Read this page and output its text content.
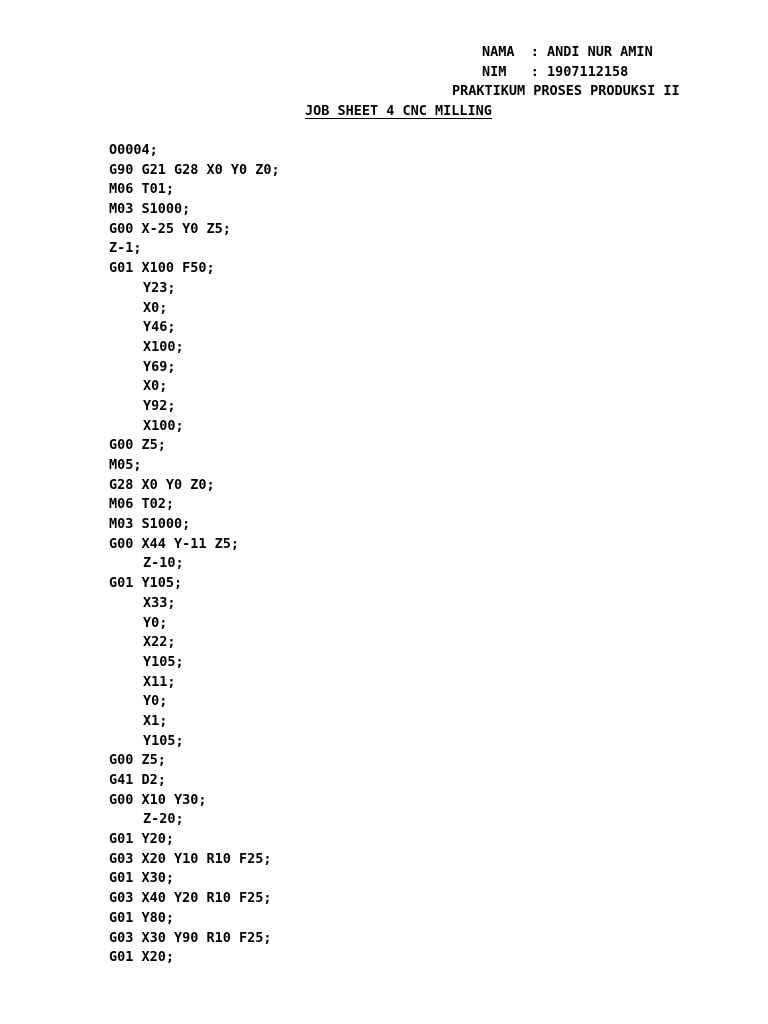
NAMA  : ANDI NUR AMIN
NIM   : 1907112158
PRAKTIKUM PROSES PRODUKSI II
JOB SHEET 4 CNC MILLING
O0004;
G90 G21 G28 X0 Y0 Z0;
M06 T01;
M03 S1000;
G00 X-25 Y0 Z5;
Z-1;
G01 X100 F50;
Y23;
X0;
Y46;
X100;
Y69;
X0;
Y92;
X100;
G00 Z5;
M05;
G28 X0 Y0 Z0;
M06 T02;
M03 S1000;
G00 X44 Y-11 Z5;
Z-10;
G01 Y105;
X33;
Y0;
X22;
Y105;
X11;
Y0;
X1;
Y105;
G00 Z5;
G41 D2;
G00 X10 Y30;
Z-20;
G01 Y20;
G03 X20 Y10 R10 F25;
G01 X30;
G03 X40 Y20 R10 F25;
G01 Y80;
G03 X30 Y90 R10 F25;
G01 X20;
